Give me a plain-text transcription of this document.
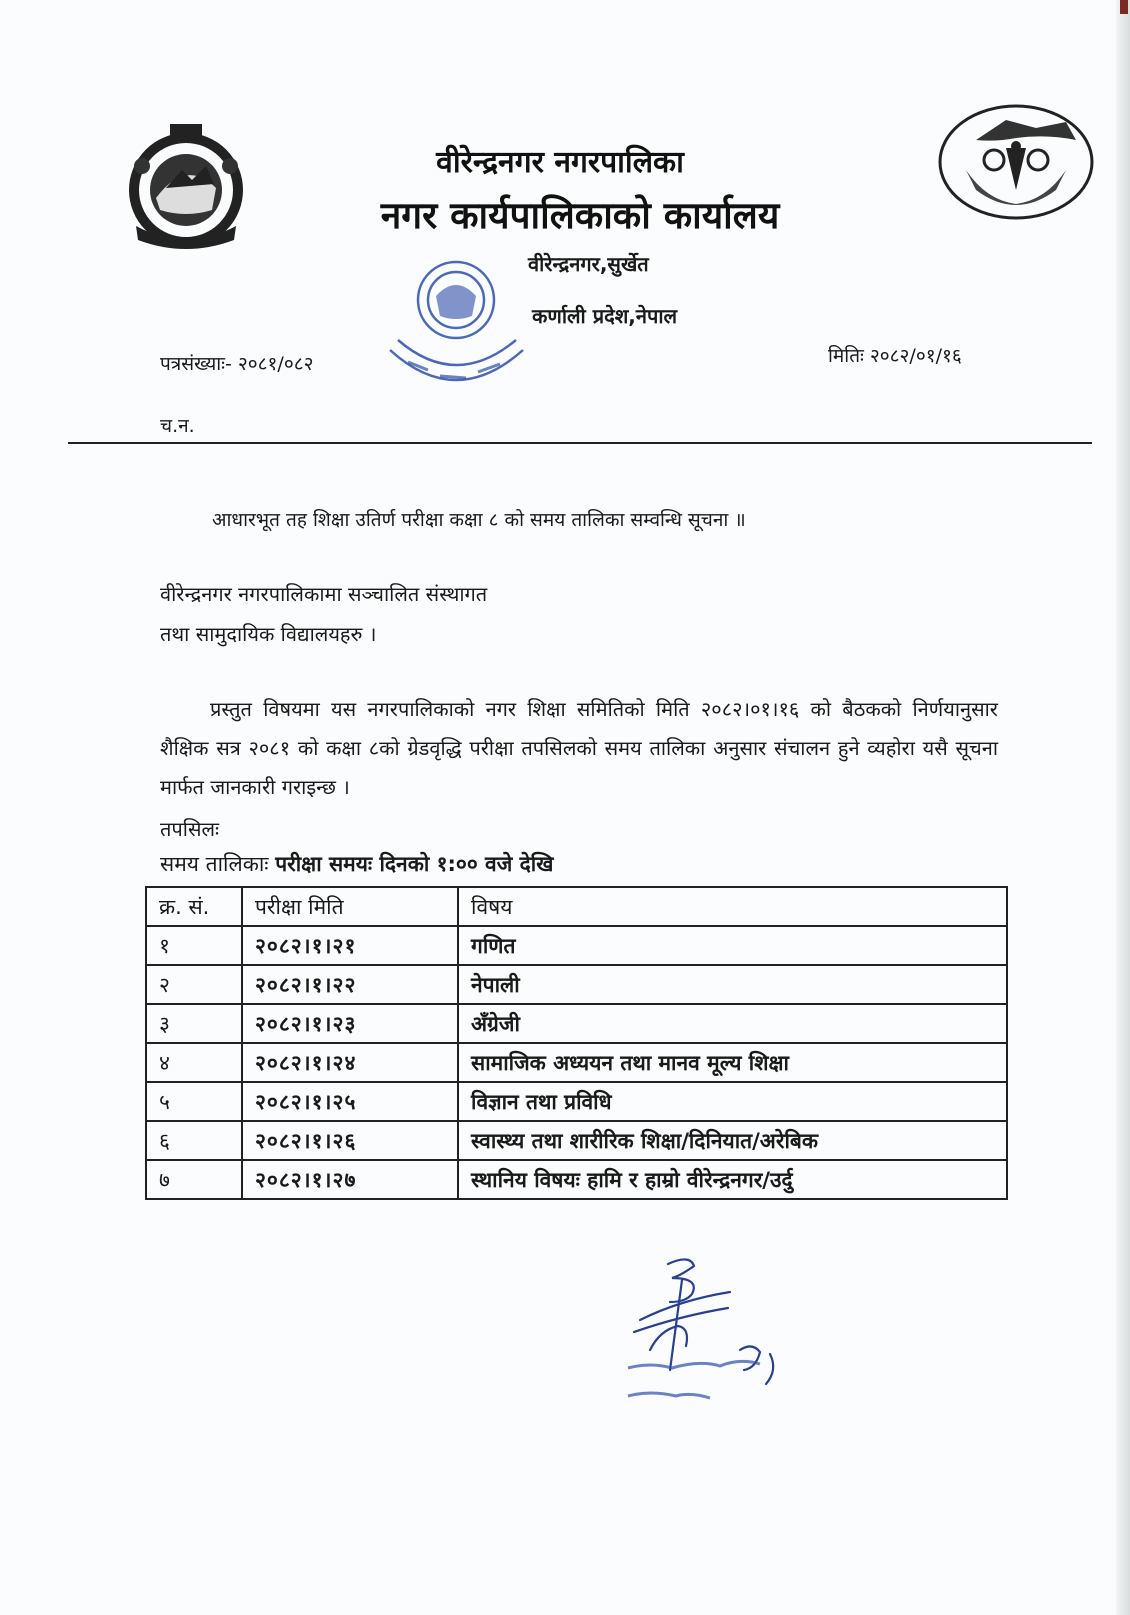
वीरेन्द्रनगर नगरपालिका
नगर कार्यपालिकाको कार्यालय
वीरेन्द्रनगर,सुर्खेत
कर्णाली प्रदेश,नेपाल
पत्रसंख्याः- २०८१/०८२	मितिः २०८२/०१/१६
च.न.
आधारभूत तह शिक्षा उतिर्ण परीक्षा कक्षा ८ को समय तालिका सम्वन्धि सूचना ॥
वीरेन्द्रनगर नगरपालिकामा सञ्चालित संस्थागत
तथा सामुदायिक विद्यालयहरु ।
प्रस्तुत विषयमा यस नगरपालिकाको नगर शिक्षा समितिको मिति २०८२।०१।१६ को बैठकको निर्णयानुसार शैक्षिक सत्र २०८१ को कक्षा ८को ग्रेडवृद्धि परीक्षा तपसिलको समय तालिका अनुसार संचालन हुने व्यहोरा यसै सूचना मार्फत जानकारी गराइन्छ ।
तपसिलः
समय तालिकाः परीक्षा समयः दिनको १:०० वजे देखि
क्र. सं.	परीक्षा मिति	विषय
१	२०८२।१।२१	गणित
२	२०८२।१।२२	नेपाली
३	२०८२।१।२३	अँग्रेजी
४	२०८२।१।२४	सामाजिक अध्ययन तथा मानव मूल्य शिक्षा
५	२०८२।१।२५	विज्ञान तथा प्रविधि
६	२०८२।१।२६	स्वास्थ्य तथा शारीरिक शिक्षा/दिनियात/अरेबिक
७	२०८२।१।२७	स्थानिय विषयः हामि र हाम्रो वीरेन्द्रनगर/उर्दु
